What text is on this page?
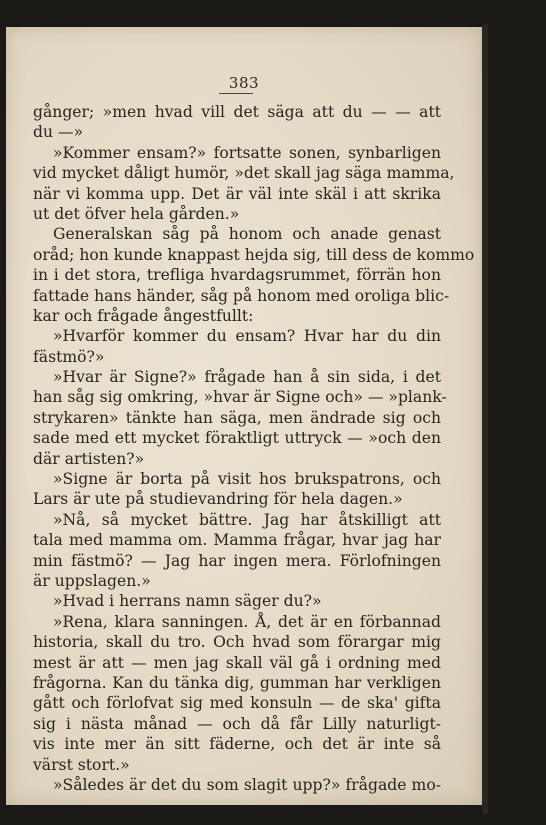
383
gånger; »men hvad vill det säga att du — — att
du —»
»Kommer ensam?» fortsatte sonen, synbarligen
vid mycket dåligt humör, »det skall jag säga mamma,
när vi komma upp. Det är väl inte skäl i att skrika
ut det öfver hela gården.»
Generalskan såg på honom och anade genast
oråd; hon kunde knappast hejda sig, till dess de kommo
in i det stora, trefliga hvardagsrummet, förrän hon
fattade hans händer, såg på honom med oroliga blic-
kar och frågade ångestfullt:
»Hvarför kommer du ensam? Hvar har du din
fästmö?»
»Hvar är Signe?» frågade han å sin sida, i det
han såg sig omkring, »hvar är Signe och» — »plank-
strykaren» tänkte han säga, men ändrade sig och
sade med ett mycket föraktligt uttryck — »och den
där artisten?»
»Signe är borta på visit hos brukspatrons, och
Lars är ute på studievandring för hela dagen.»
»Nå, så mycket bättre. Jag har åtskilligt att
tala med mamma om. Mamma frågar, hvar jag har
min fästmö? — Jag har ingen mera. Förlofningen
är uppslagen.»
»Hvad i herrans namn säger du?»
»Rena, klara sanningen. Å, det är en förbannad
historia, skall du tro. Och hvad som förargar mig
mest är att — men jag skall väl gå i ordning med
frågorna. Kan du tänka dig, gumman har verkligen
gått och förlofvat sig med konsuln — de ska' gifta
sig i nästa månad — och då får Lilly naturligt-
vis inte mer än sitt fäderne, och det är inte så
värst stort.»
»Således är det du som slagit upp?» frågade mo-
